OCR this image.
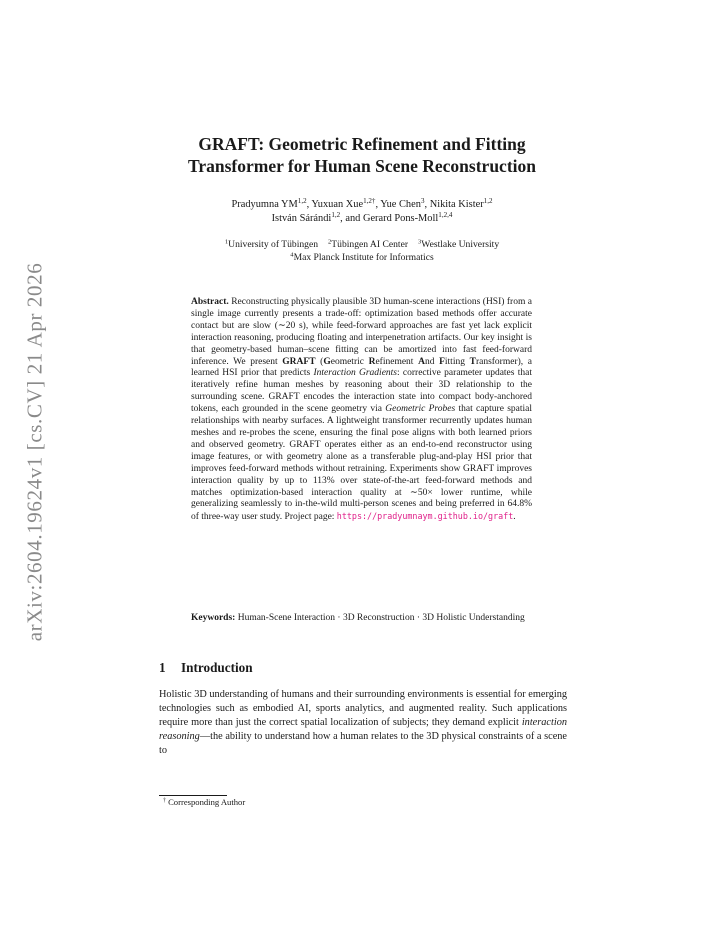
arXiv:2604.19624v1 [cs.CV] 21 Apr 2026
GRAFT: Geometric Refinement and Fitting
Transformer for Human Scene Reconstruction
Pradyumna YM$^{1,2}$, Yuxuan Xue$^{1,2\dagger}$, Yue Chen$^3$, Nikita Kister$^{1,2}$
István Sárándi$^{1,2}$, and Gerard Pons-Moll$^{1,2,4}$
$^1$University of Tübingen $^2$Tübingen AI Center $^3$Westlake University
$^4$Max Planck Institute for Informatics
Abstract. Reconstructing physically plausible 3D human-scene interactions (HSI) from a single image currently presents a trade-off: optimization based methods offer accurate contact but are slow (∼20 s), while feed-forward approaches are fast yet lack explicit interaction reasoning, producing floating and interpenetration artifacts. Our key insight is that geometry-based human–scene fitting can be amortized into fast feed-forward inference. We present GRAFT (Geometric Refinement And Fitting Transformer), a learned HSI prior that predicts Interaction Gradients: corrective parameter updates that iteratively refine human meshes by reasoning about their 3D relationship to the surrounding scene. GRAFT encodes the interaction state into compact body-anchored tokens, each grounded in the scene geometry via Geometric Probes that capture spatial relationships with nearby surfaces. A lightweight transformer recurrently updates human meshes and re-probes the scene, ensuring the final pose aligns with both learned priors and observed geometry. GRAFT operates either as an end-to-end reconstructor using image features, or with geometry alone as a transferable plug-and-play HSI prior that improves feed-forward methods without retraining. Experiments show GRAFT improves interaction quality by up to 113% over state-of-the-art feed-forward methods and matches optimization-based interaction quality at ∼50× lower runtime, while generalizing seamlessly to in-the-wild multi-person scenes and being preferred in 64.8% of three-way user study. Project page: https://pradyumnaym.github.io/graft.
Keywords: Human-Scene Interaction · 3D Reconstruction · 3D Holistic Understanding
1 Introduction

Holistic 3D understanding of humans and their surrounding environments is essential for emerging technologies such as embodied AI, sports analytics, and augmented reality. Such applications require more than just the correct spatial localization of subjects; they demand explicit interaction reasoning—the ability to understand how a human relates to the 3D physical constraints of a scene to

† Corresponding Author
